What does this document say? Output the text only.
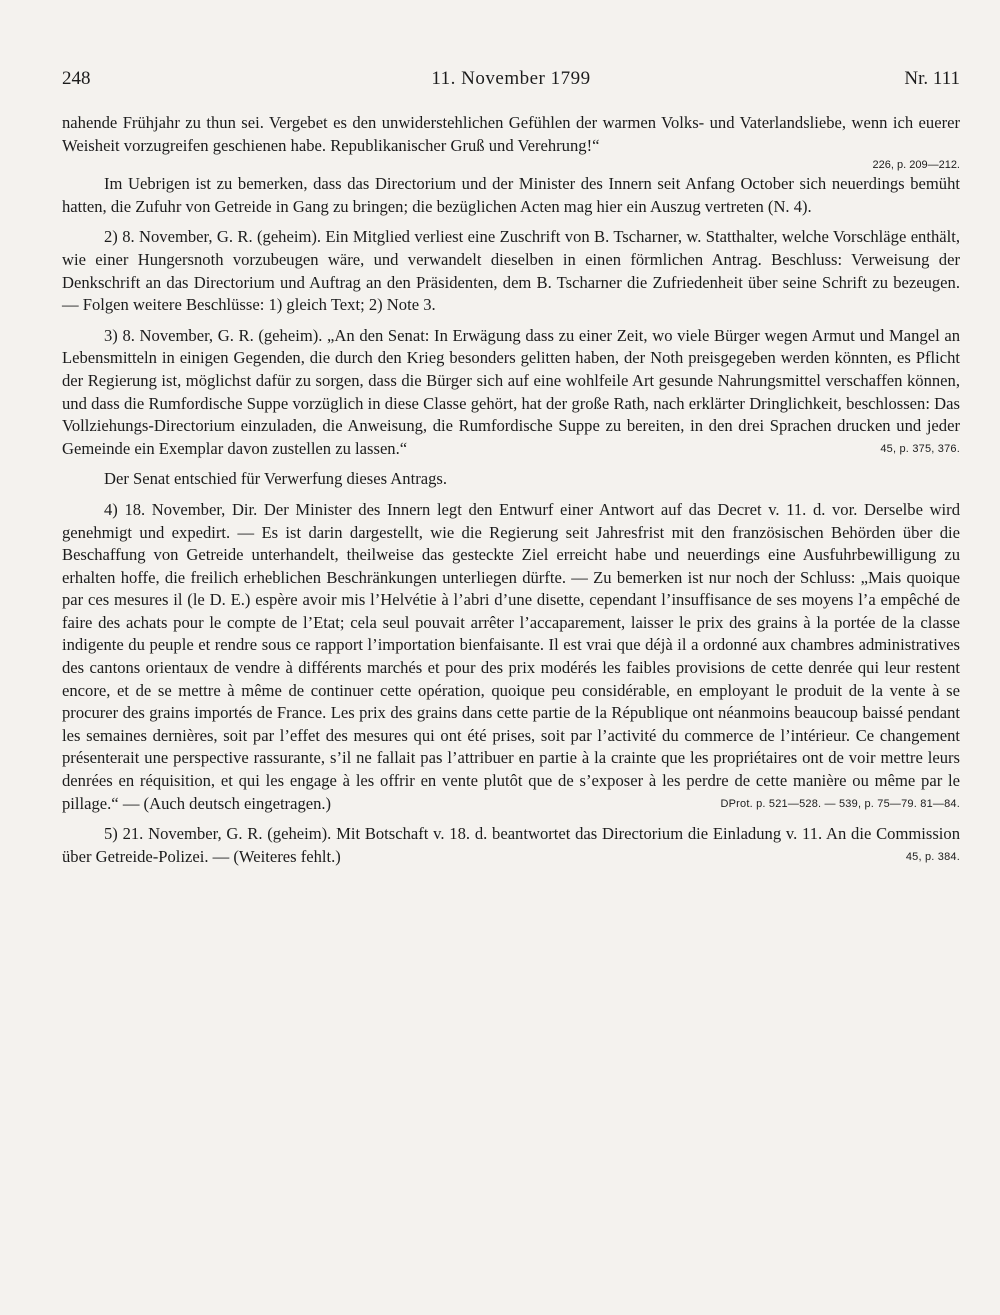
248	11. November 1799	Nr. 111

nahende Frühjahr zu thun sei. Vergebet es den unwiderstehlichen Gefühlen der warmen Volks- und Vaterlandsliebe, wenn ich euerer Weisheit vorzugreifen geschienen habe. Republikanischer Gruß und Verehrung!“

226, p. 209—212.

Im Uebrigen ist zu bemerken, dass das Directorium und der Minister des Innern seit Anfang October sich neuerdings bemüht hatten, die Zufuhr von Getreide in Gang zu bringen; die bezüglichen Acten mag hier ein Auszug vertreten (N. 4).

2) 8. November, G. R. (geheim). Ein Mitglied verliest eine Zuschrift von B. Tscharner, w. Statthalter, welche Vorschläge enthält, wie einer Hungersnoth vorzubeugen wäre, und verwandelt dieselben in einen förmlichen Antrag. Beschluss: Verweisung der Denkschrift an das Directorium und Auftrag an den Präsidenten, dem B. Tscharner die Zufriedenheit über seine Schrift zu bezeugen. — Folgen weitere Beschlüsse: 1) gleich Text; 2) Note 3.

3) 8. November, G. R. (geheim). „An den Senat: In Erwägung dass zu einer Zeit, wo viele Bürger wegen Armut und Mangel an Lebensmitteln in einigen Gegenden, die durch den Krieg besonders gelitten haben, der Noth preisgegeben werden könnten, es Pflicht der Regierung ist, möglichst dafür zu sorgen, dass die Bürger sich auf eine wohlfeile Art gesunde Nahrungsmittel verschaffen können, und dass die Rumfordische Suppe vorzüglich in diese Classe gehört, hat der große Rath, nach erklärter Dringlichkeit, beschlossen: Das Vollziehungs-Directorium einzuladen, die Anweisung, die Rumfordische Suppe zu bereiten, in den drei Sprachen drucken und jeder Gemeinde ein Exemplar davon zustellen zu lassen.“	45, p. 375, 376.

Der Senat entschied für Verwerfung dieses Antrags.

4) 18. November, Dir. Der Minister des Innern legt den Entwurf einer Antwort auf das Decret v. 11. d. vor. Derselbe wird genehmigt und expedirt. — Es ist darin dargestellt, wie die Regierung seit Jahresfrist mit den französischen Behörden über die Beschaffung von Getreide unterhandelt, theilweise das gesteckte Ziel erreicht habe und neuerdings eine Ausfuhrbewilligung zu erhalten hoffe, die freilich erheblichen Beschränkungen unterliegen dürfte. — Zu bemerken ist nur noch der Schluss: „Mais quoique par ces mesures il (le D. E.) espère avoir mis l’Helvétie à l’abri d’une disette, cependant l’insuffisance de ses moyens l’a empêché de faire des achats pour le compte de l’Etat; cela seul pouvait arrêter l’accaparement, laisser le prix des grains à la portée de la classe indigente du peuple et rendre sous ce rapport l’importation bienfaisante. Il est vrai que déjà il a ordonné aux chambres administratives des cantons orientaux de vendre à différents marchés et pour des prix modérés les faibles provisions de cette denrée qui leur restent encore, et de se mettre à même de continuer cette opération, quoique peu considérable, en employant le produit de la vente à se procurer des grains importés de France. Les prix des grains dans cette partie de la République ont néanmoins beaucoup baissé pendant les semaines dernières, soit par l’effet des mesures qui ont été prises, soit par l’activité du commerce de l’intérieur. Ce changement présenterait une perspective rassurante, s’il ne fallait pas l’attribuer en partie à la crainte que les propriétaires ont de voir mettre leurs denrées en réquisition, et qui les engage à les offrir en vente plutôt que de s’exposer à les perdre de cette manière ou même par le pillage.“ — (Auch deutsch eingetragen.)	DProt. p. 521—528. — 539, p. 75—79. 81—84.

5) 21. November, G. R. (geheim). Mit Botschaft v. 18. d. beantwortet das Directorium die Einladung v. 11. An die Commission über Getreide-Polizei. — (Weiteres fehlt.)	45, p. 384.
